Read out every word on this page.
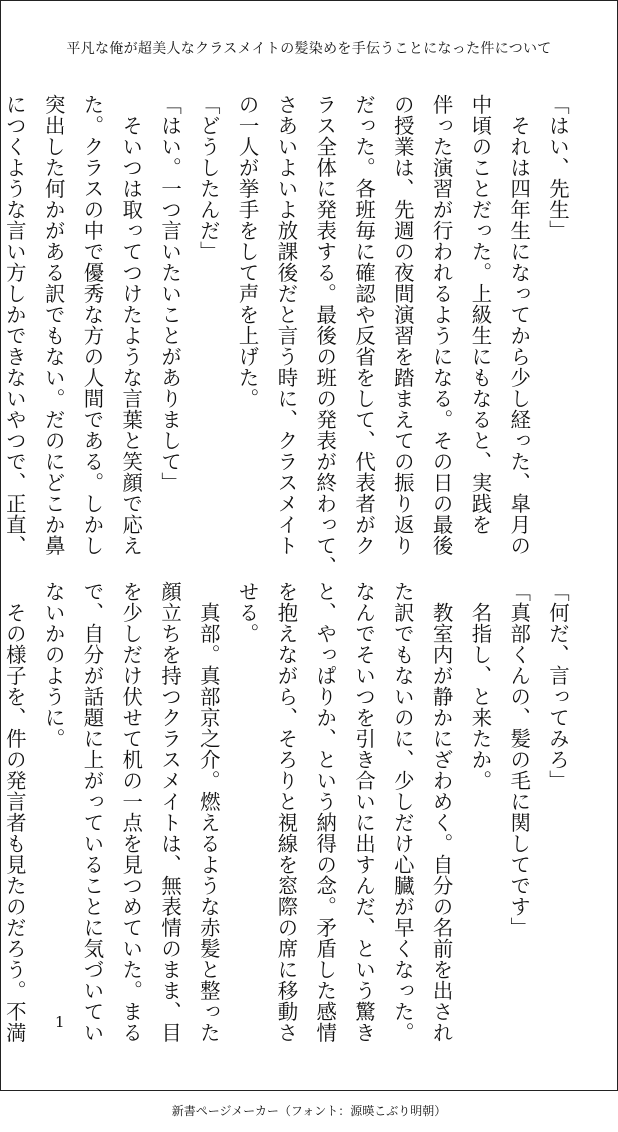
平凡な俺が超美人なクラスメイトの髪染めを手伝うことになった件について
「はい、先生」
　それは四年生になってから少し経った、皐月の
中頃のことだった。上級生にもなると、実践を
伴った演習が行われるようになる。その日の最後
の授業は、先週の夜間演習を踏まえての振り返り
だった。各班毎に確認や反省をして、代表者がク
ラス全体に発表する。最後の班の発表が終わって、
さあいよいよ放課後だと言う時に、クラスメイト
の一人が挙手をして声を上げた。
「どうしたんだ」
「はい。一つ言いたいことがありまして」
　そいつは取ってつけたような言葉と笑顔で応え
た。クラスの中で優秀な方の人間である。しかし
突出した何かがある訳でもない。だのにどこか鼻
につくような言い方しかできないやつで、正直、
「何だ、言ってみろ」
「真部くんの、髪の毛に関してです」
　名指し、と来たか。
　教室内が静かにざわめく。自分の名前を出され
た訳でもないのに、少しだけ心臓が早くなった。
なんでそいつを引き合いに出すんだ、という驚き
と、やっぱりか、という納得の念。矛盾した感情
を抱えながら、そろりと視線を窓際の席に移動さ
せる。
　真部。真部京之介。燃えるような赤髪と整った
顔立ちを持つクラスメイトは、無表情のまま、目
を少しだけ伏せて机の一点を見つめていた。まる
で、自分が話題に上がっていることに気づいてい
ないかのように。
　その様子を、件の発言者も見たのだろう。不満	1
新書ページメーカー（フォント：源暎こぶり明朝）
